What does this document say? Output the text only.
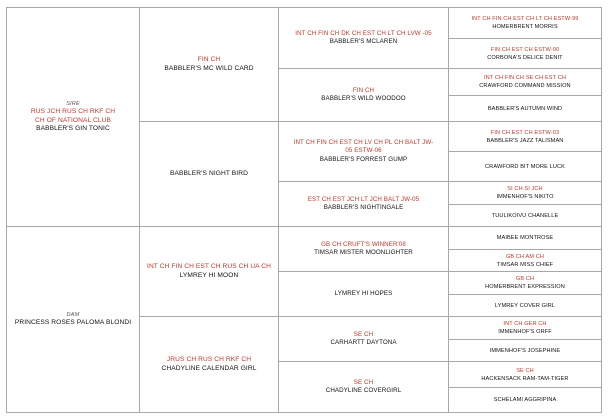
SIRE
RUS JCH RUS CH RKF CH
CH OF NATIONAL CLUB
BABBLER'S GIN TONIC
DAM
PRINCESS ROSES PALOMA BLONDI
FIN CH
BABBLER'S MC WILD CARD
BABBLER'S NIGHT BIRD
INT CH FIN CH EST CH RUS CH UA CH
LYMREY HI MOON
JRUS CH RUS CH RKF CH
CHADYLINE CALENDAR GIRL
INT CH FIN CH DK CH EST CH LT CH LVW -05
BABBLER'S MCLAREN
FIN CH
BABBLER'S WILD WOODOO
INT CH FIN CH EST CH LV CH PL CH BALT JW-
05 ESTW-06
BABBLER'S FORREST GUMP
EST CH EST JCH LT JCH BALT JW-05
BABBLER'S NIGHTINGALE
GB CH CRUFT'S WINNER'08
TIMSAR MISTER MOONLIGHTER
LYMREY HI HOPES
SE CH
CARHARTT DAYTONA
SE CH
CHADYLINE COVERGIRL
INT CH FIN CH EST CH LT CH ESTW-99
HOMERBRENT MORRIS
FIN CH EST CH ESTW-00
CORBONA'S DELICE DENIT
INT CH FIN CH SE CH EST CH
CRAWFORD COMMAND MISSION
BABBLER'S AUTUMN WIND
FIN CH EST CH ESTW-03
BABBLER'S JAZZ TALISMAN
CRAWFORD BIT MORE LUCK
SI CH SI JCH
IMMENHOF'S NIKITO
TUULIKOIVU CHANELLE
MAIBEE MONTROSE
GB CH AM CH
TIMSAR MISS CHIEF
GB CH
HOMERBRENT EXPRESSION
LYMREY COVER GIRL
INT CH GER CH
IMMENHOF'S ORFF
IMMENHOF'S JOSEPHINE
SE CH
HACKENSACK RAM-TAM-TIGER
SCHELAMI AGGRIPINA
